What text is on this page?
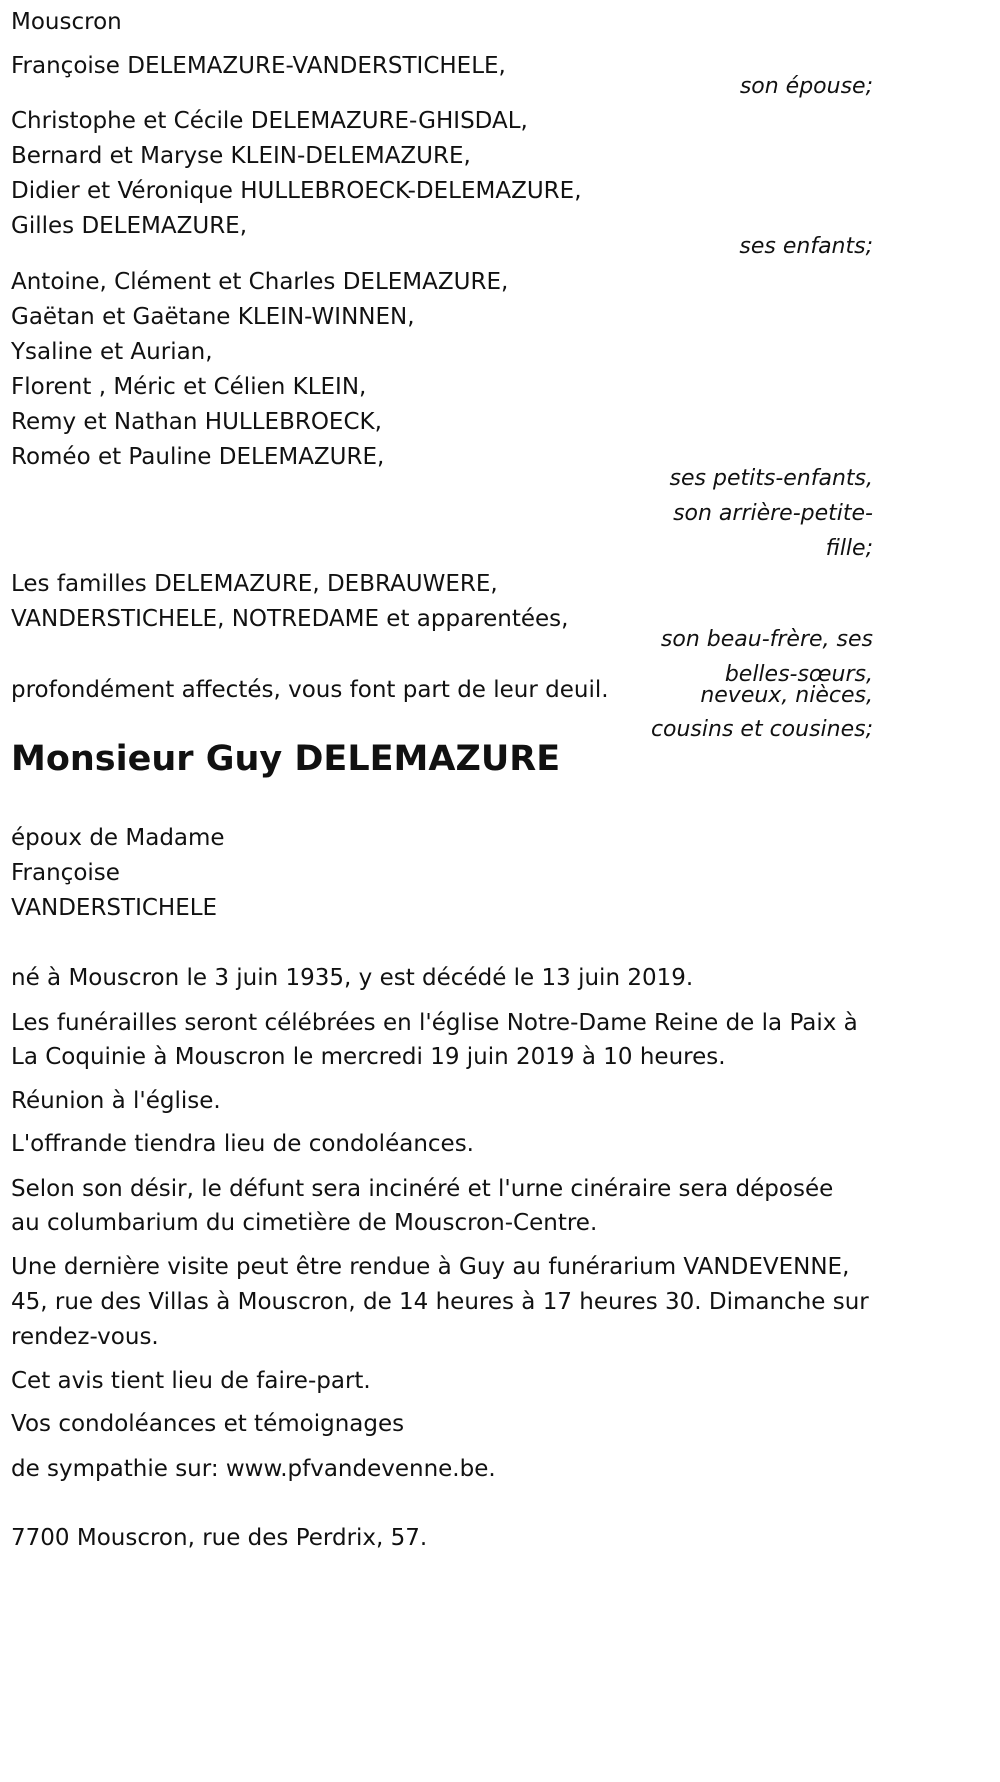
Mouscron
Françoise DELEMAZURE-VANDERSTICHELE,
son épouse;
Christophe et Cécile DELEMAZURE-GHISDAL,
Bernard et Maryse KLEIN-DELEMAZURE,
Didier et Véronique HULLEBROECK-DELEMAZURE,
Gilles DELEMAZURE,
ses enfants;
Antoine, Clément et Charles DELEMAZURE,
Gaëtan et Gaëtane KLEIN-WINNEN,
Ysaline et Aurian,
Florent , Méric et Célien KLEIN,
Remy et Nathan HULLEBROECK,
Roméo et Pauline DELEMAZURE,
ses petits-enfants,
son arrière-petite-
fille;
Les familles DELEMAZURE, DEBRAUWERE,
VANDERSTICHELE, NOTREDAME et apparentées,
son beau-frère, ses
belles-sœurs,
neveux, nièces,
cousins et cousines;
profondément affectés, vous font part de leur deuil.
Monsieur Guy DELEMAZURE
époux de Madame
Françoise
VANDERSTICHELE
né à Mouscron le 3 juin 1935, y est décédé le 13 juin 2019.
Les funérailles seront célébrées en l'église Notre-Dame Reine de la Paix à
La Coquinie à Mouscron le mercredi 19 juin 2019 à 10 heures.
Réunion à l'église.
L'offrande tiendra lieu de condoléances.
Selon son désir, le défunt sera incinéré et l'urne cinéraire sera déposée
au columbarium du cimetière de Mouscron-Centre.
Une dernière visite peut être rendue à Guy au funérarium VANDEVENNE,
45, rue des Villas à Mouscron, de 14 heures à 17 heures 30. Dimanche sur
rendez-vous.
Cet avis tient lieu de faire-part.
Vos condoléances et témoignages
de sympathie sur: www.pfvandevenne.be.
7700 Mouscron, rue des Perdrix, 57.
